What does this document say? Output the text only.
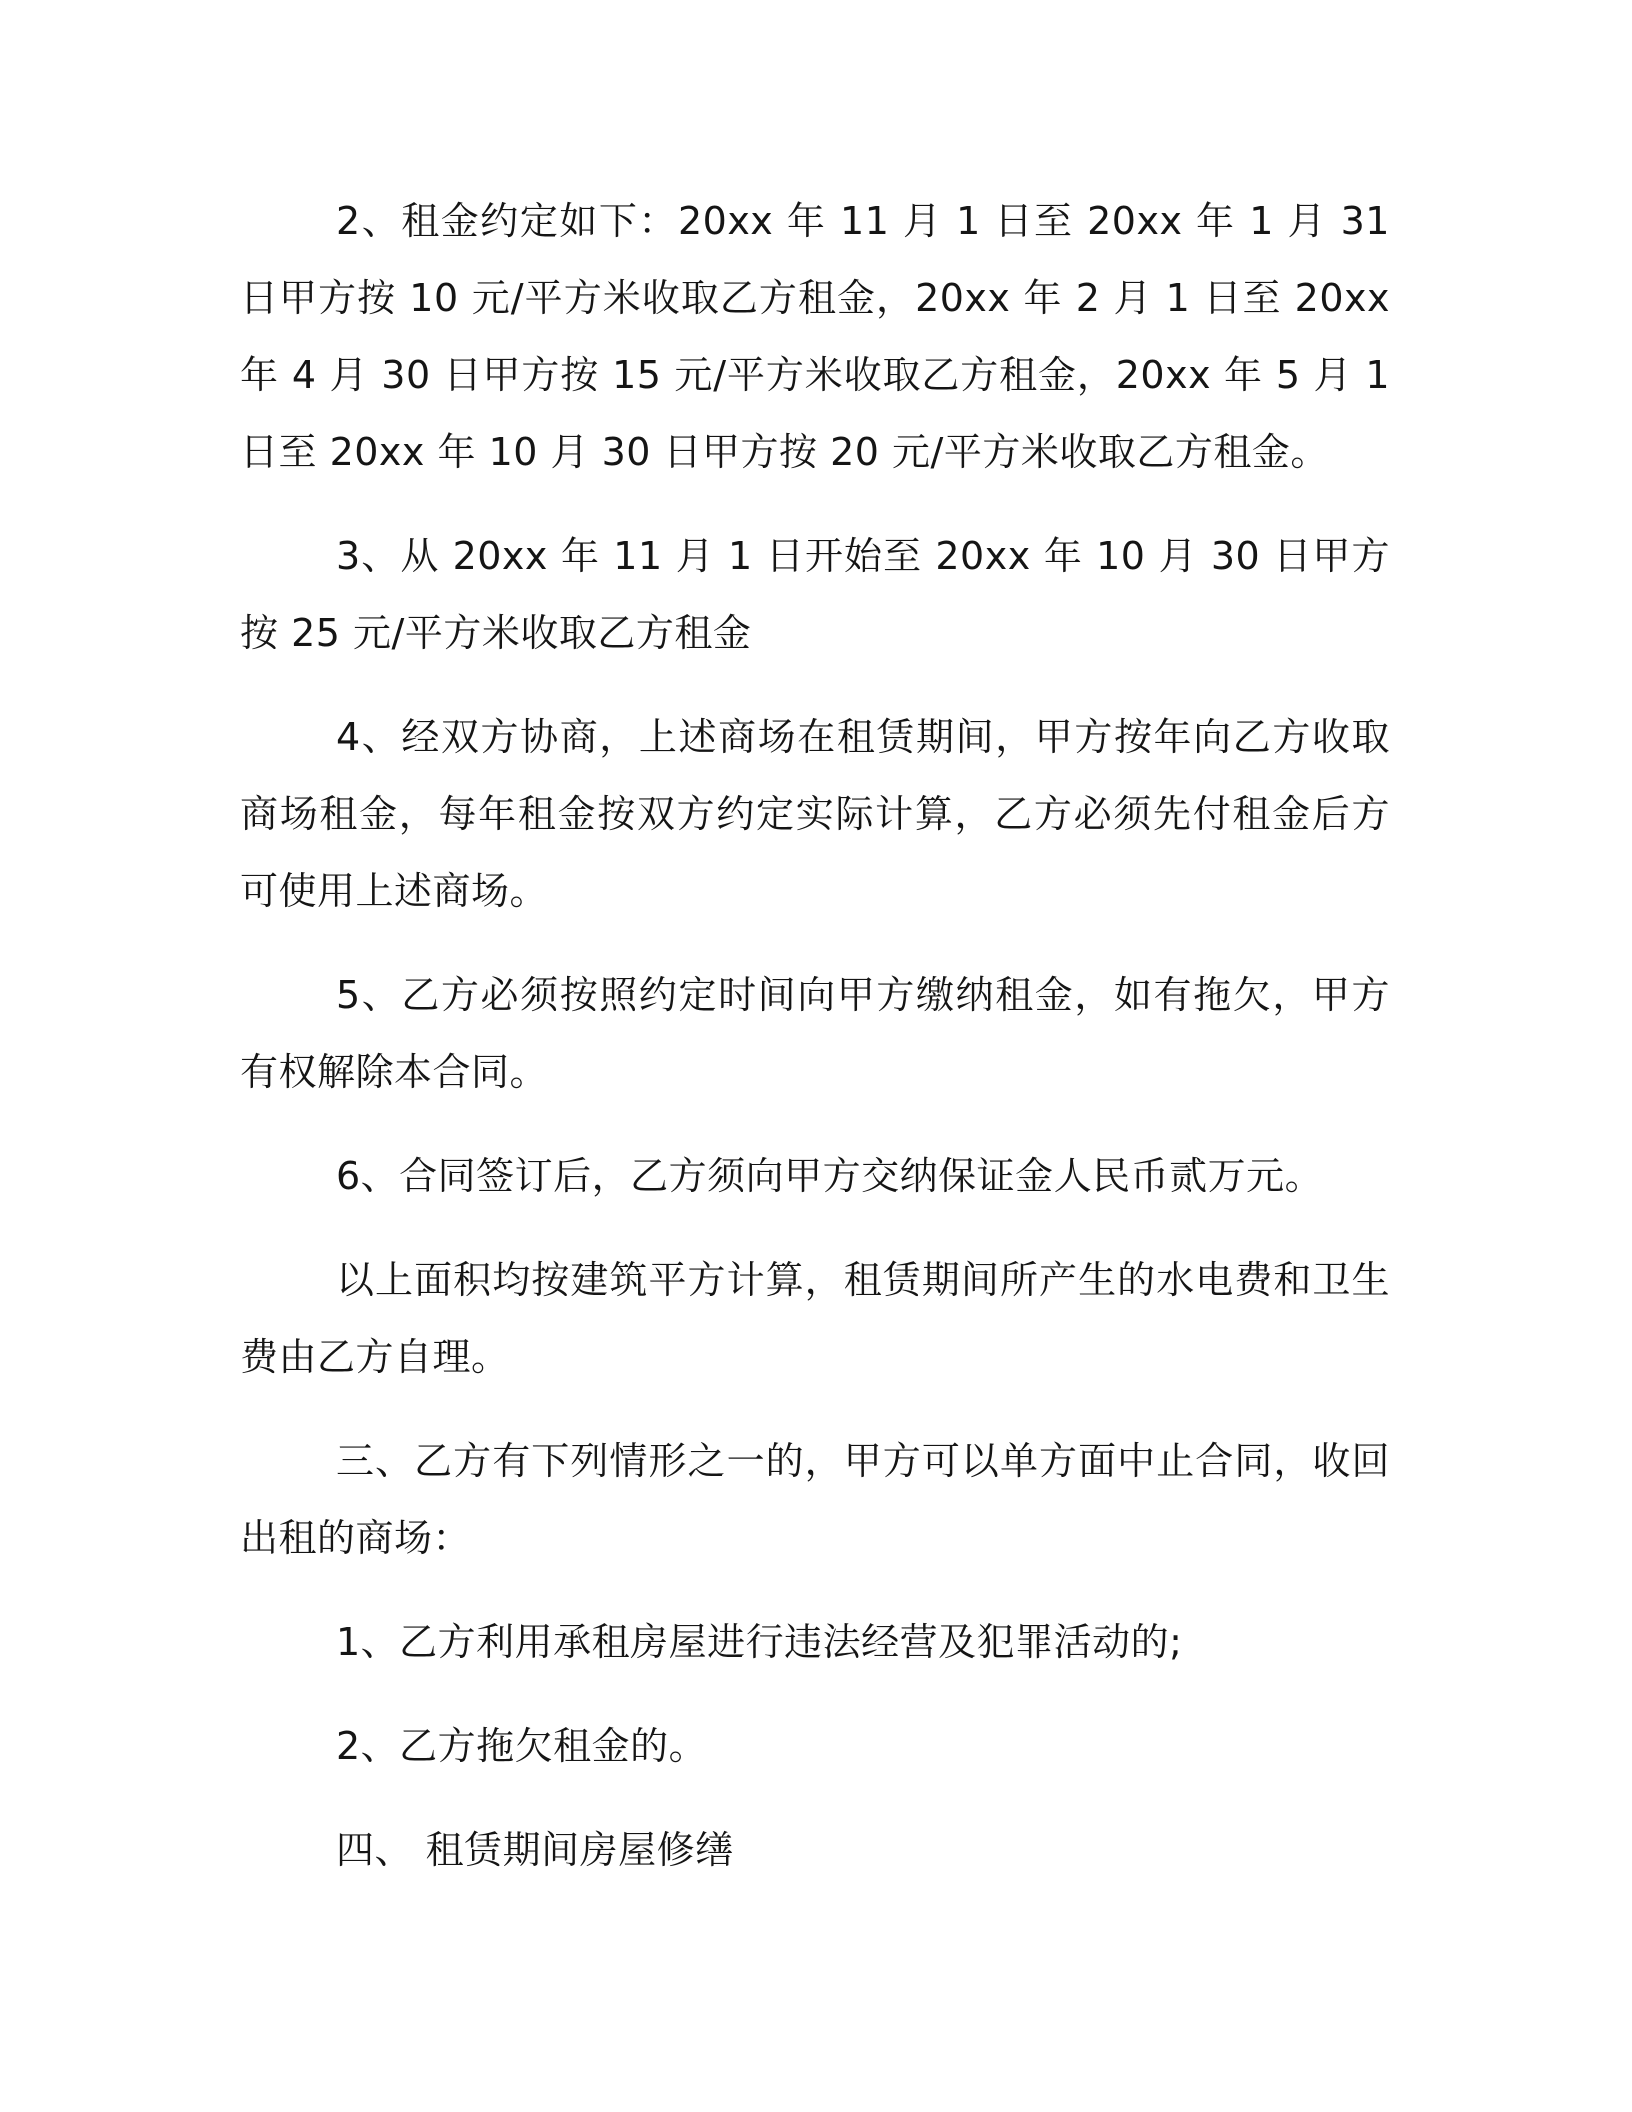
2、租金约定如下：20xx 年 11 月 1 日至 20xx 年 1 月 31 日甲方按 10 元/平方米收取乙方租金，20xx 年 2 月 1 日至 20xx 年 4 月 30 日甲方按 15 元/平方米收取乙方租金，20xx 年 5 月 1 日至 20xx 年 10 月 30 日甲方按 20 元/平方米收取乙方租金。

3、从 20xx 年 11 月 1 日开始至 20xx 年 10 月 30 日甲方按 25 元/平方米收取乙方租金

4、经双方协商，上述商场在租赁期间，甲方按年向乙方收取商场租金，每年租金按双方约定实际计算，乙方必须先付租金后方可使用上述商场。

5、乙方必须按照约定时间向甲方缴纳租金，如有拖欠，甲方有权解除本合同。

6、合同签订后，乙方须向甲方交纳保证金人民币贰万元。

以上面积均按建筑平方计算，租赁期间所产生的水电费和卫生费由乙方自理。

三、乙方有下列情形之一的，甲方可以单方面中止合同，收回出租的商场：

1、乙方利用承租房屋进行违法经营及犯罪活动的;

2、乙方拖欠租金的。

四、 租赁期间房屋修缮
